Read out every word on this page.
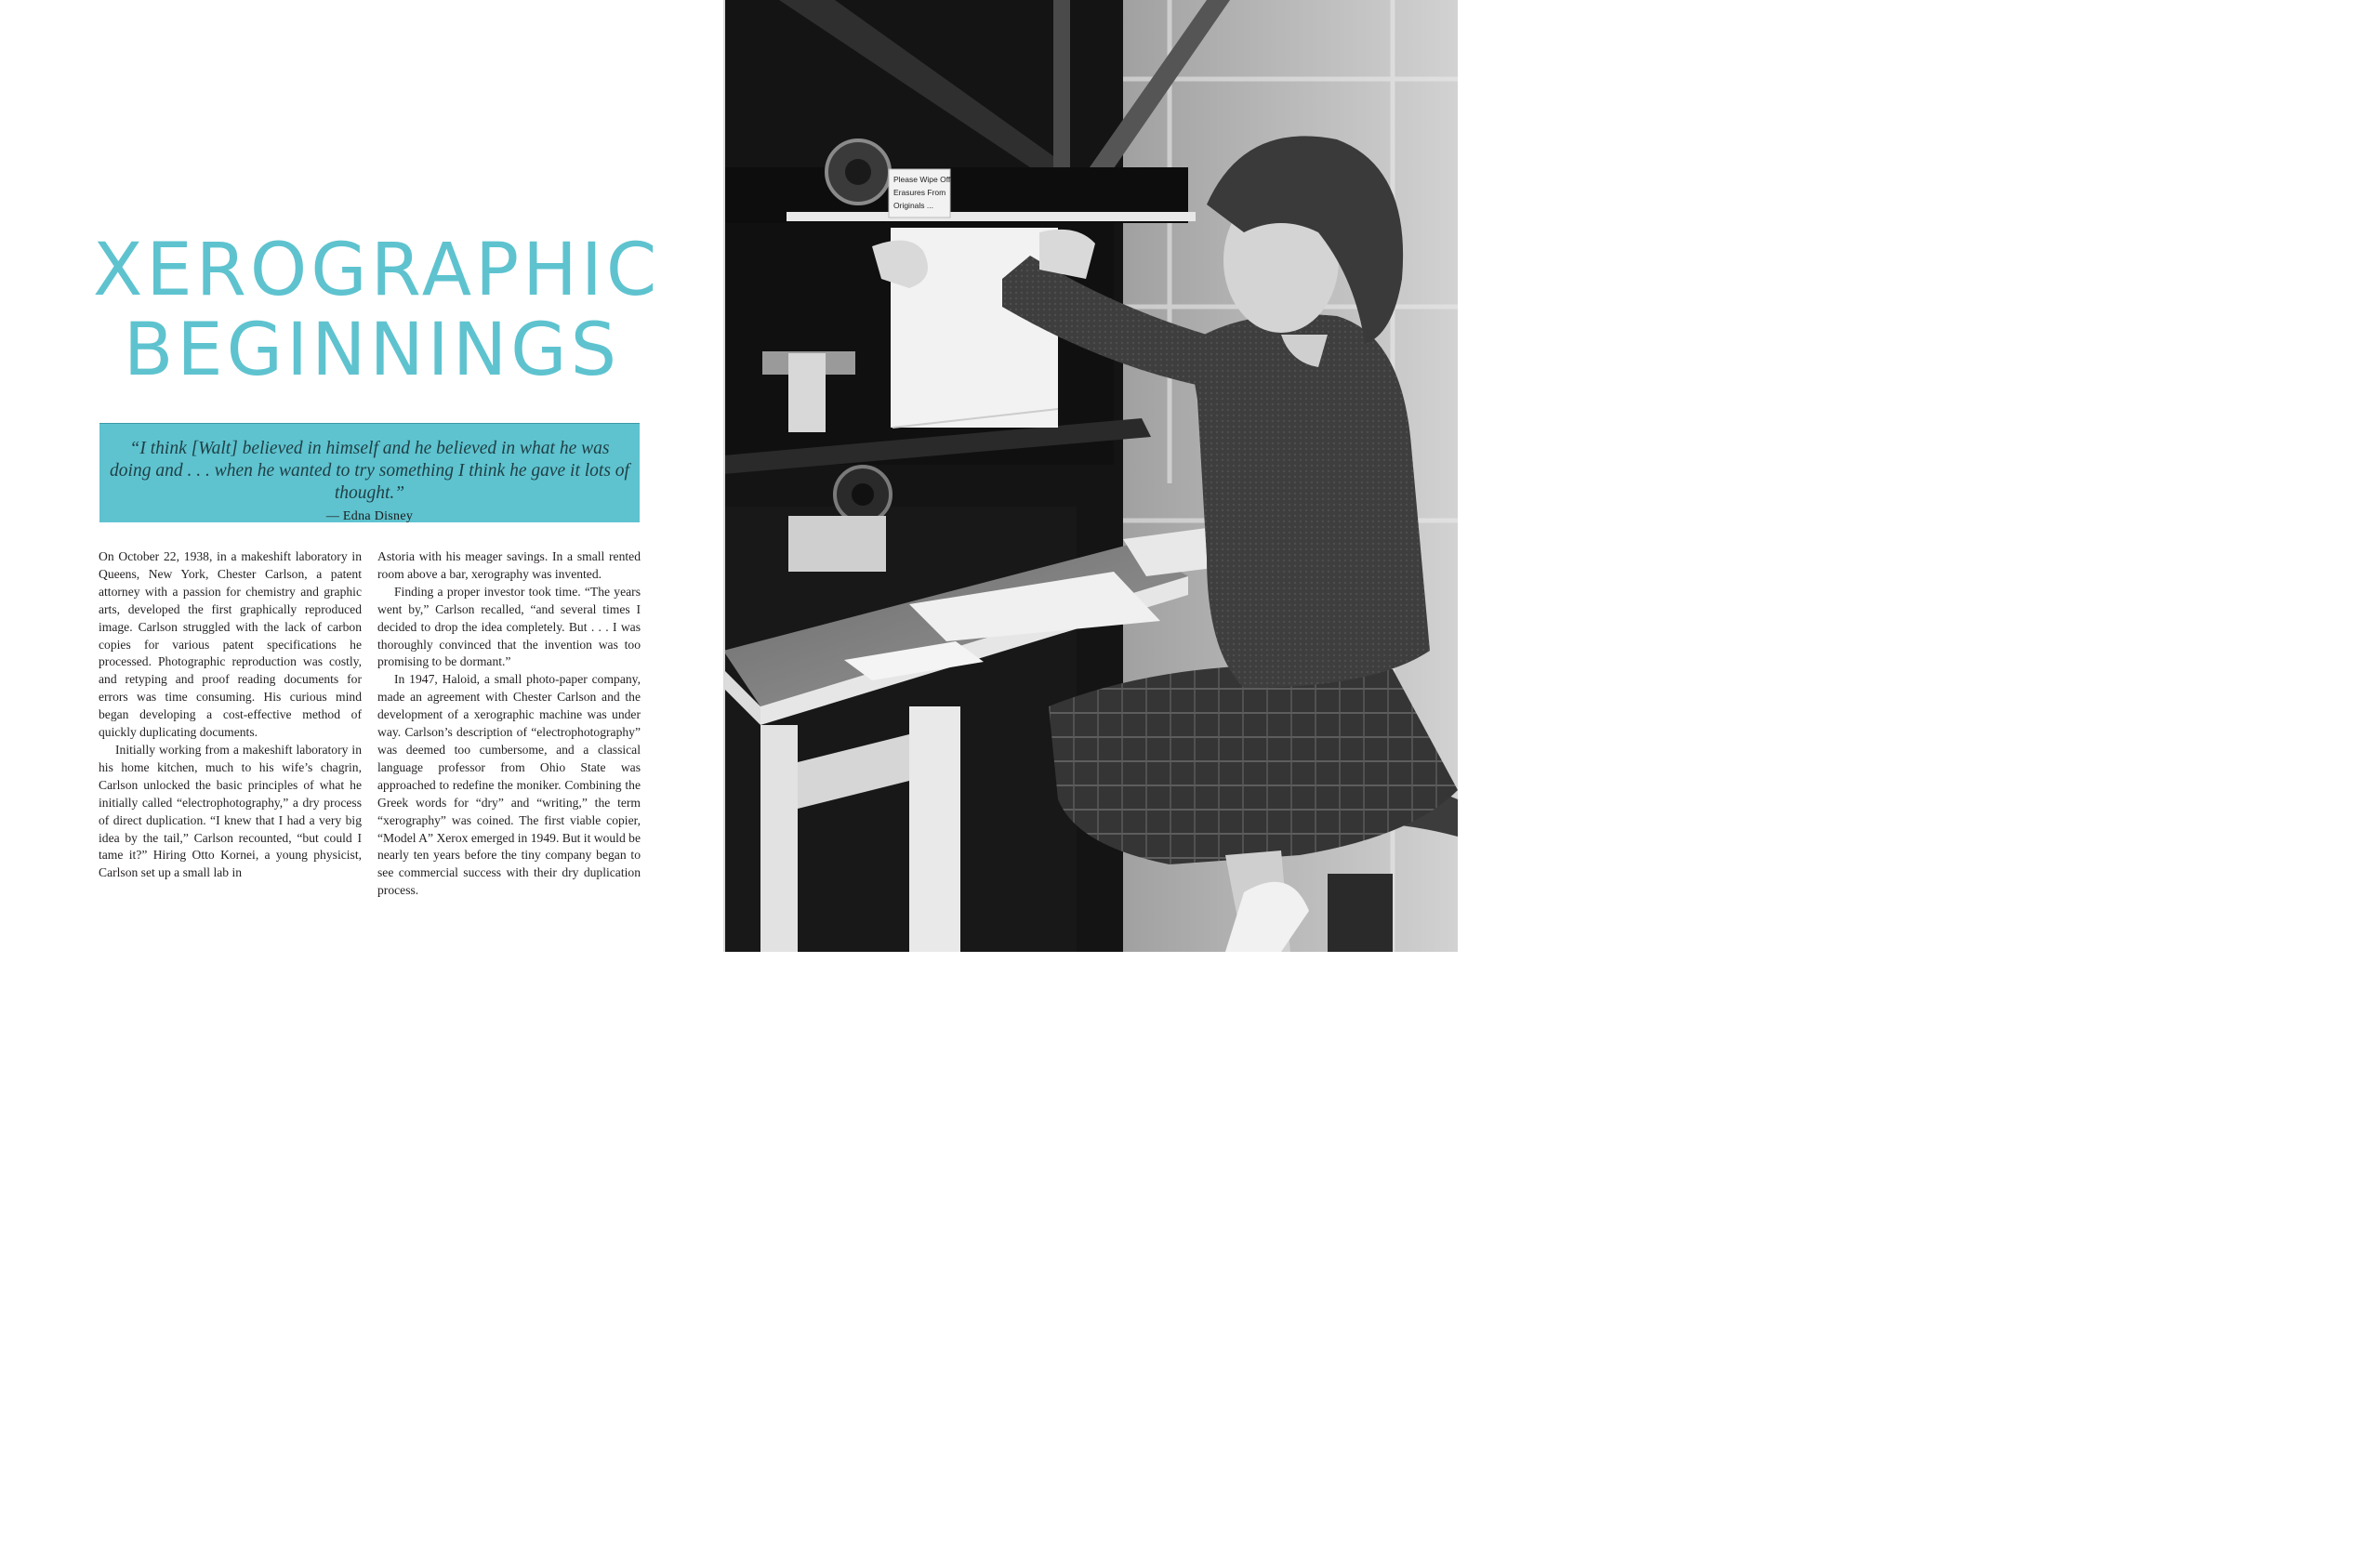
XEROGRAPHIC
BEGINNINGS

“I think [Walt] believed in himself and he believed in what he was doing and . . . when he wanted to try something I think he gave it lots of thought.”

— Edna Disney

On October 22, 1938, in a makeshift laboratory in Queens, New York, Chester Carlson, a patent attorney with a passion for chemistry and graphic arts, developed the first graphically reproduced image. Carlson struggled with the lack of carbon copies for various patent specifications he processed. Photographic reproduction was costly, and retyping and proof reading documents for errors was time consuming. His curious mind began developing a cost-effective method of quickly duplicating documents.

Initially working from a makeshift laboratory in his home kitchen, much to his wife’s chagrin, Carlson unlocked the basic principles of what he initially called “electrophotography,” a dry process of direct duplication. “I knew that I had a very big idea by the tail,” Carlson recounted, “but could I tame it?” Hiring Otto Kornei, a young physicist, Carlson set up a small lab in

Astoria with his meager savings. In a small rented room above a bar, xerography was invented.

Finding a proper investor took time. “The years went by,” Carlson recalled, “and several times I decided to drop the idea completely. But . . . I was thoroughly convinced that the invention was too promising to be dormant.”

In 1947, Haloid, a small photo-paper company, made an agreement with Chester Carlson and the development of a xerographic machine was under way. Carlson’s description of “electrophotography” was deemed too cumbersome, and a classical language professor from Ohio State was approached to redefine the moniker. Combining the Greek words for “dry” and “writing,” the term “xerography” was coined. The first viable copier, “Model A” Xerox emerged in 1949. But it would be nearly ten years before the tiny company began to see commercial success with their dry duplication process.

Please Wipe Off
Erasures From
Originals ...
